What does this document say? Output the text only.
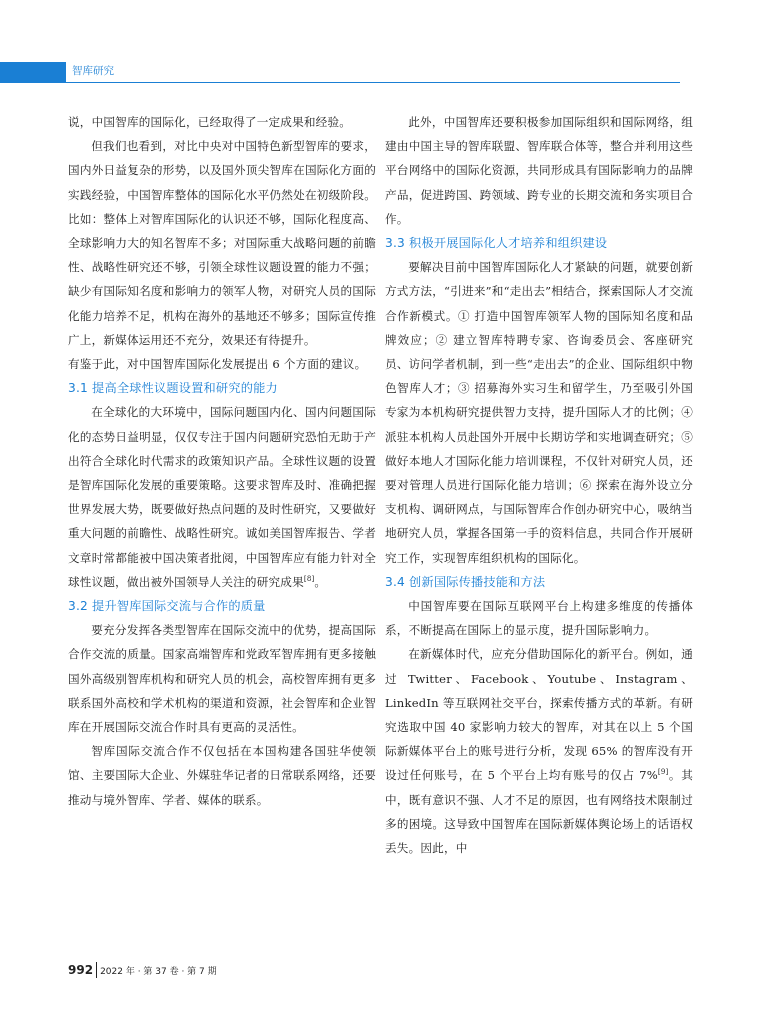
智库研究

说，中国智库的国际化，已经取得了一定成果和经验。

但我们也看到，对比中央对中国特色新型智库的要求，国内外日益复杂的形势，以及国外顶尖智库在国际化方面的实践经验，中国智库整体的国际化水平仍然处在初级阶段。比如：整体上对智库国际化的认识还不够，国际化程度高、全球影响力大的知名智库不多；对国际重大战略问题的前瞻性、战略性研究还不够，引领全球性议题设置的能力不强；缺少有国际知名度和影响力的领军人物，对研究人员的国际化能力培养不足，机构在海外的基地还不够多；国际宣传推广上，新媒体运用还不充分，效果还有待提升。

有鉴于此，对中国智库国际化发展提出 6 个方面的建议。

3.1 提高全球性议题设置和研究的能力

在全球化的大环境中，国际问题国内化、国内问题国际化的态势日益明显，仅仅专注于国内问题研究恐怕无助于产出符合全球化时代需求的政策知识产品。全球性议题的设置是智库国际化发展的重要策略。这要求智库及时、准确把握世界发展大势，既要做好热点问题的及时性研究，又要做好重大问题的前瞻性、战略性研究。诚如美国智库报告、学者文章时常都能被中国决策者批阅，中国智库应有能力针对全球性议题，做出被外国领导人关注的研究成果[8]。

3.2 提升智库国际交流与合作的质量

要充分发挥各类型智库在国际交流中的优势，提高国际合作交流的质量。国家高端智库和党政军智库拥有更多接触国外高级别智库机构和研究人员的机会，高校智库拥有更多联系国外高校和学术机构的渠道和资源，社会智库和企业智库在开展国际交流合作时具有更高的灵活性。

智库国际交流合作不仅包括在本国构建各国驻华使领馆、主要国际大企业、外媒驻华记者的日常联系网络，还要推动与境外智库、学者、媒体的联系。

此外，中国智库还要积极参加国际组织和国际网络，组建由中国主导的智库联盟、智库联合体等，整合并利用这些平台网络中的国际化资源，共同形成具有国际影响力的品牌产品，促进跨国、跨领域、跨专业的长期交流和务实项目合作。

3.3 积极开展国际化人才培养和组织建设

要解决目前中国智库国际化人才紧缺的问题，就要创新方式方法，“引进来”和“走出去”相结合，探索国际人才交流合作新模式。① 打造中国智库领军人物的国际知名度和品牌效应；② 建立智库特聘专家、咨询委员会、客座研究员、访问学者机制，到一些“走出去”的企业、国际组织中物色智库人才；③ 招募海外实习生和留学生，乃至吸引外国专家为本机构研究提供智力支持，提升国际人才的比例；④ 派驻本机构人员赴国外开展中长期访学和实地调查研究；⑤ 做好本地人才国际化能力培训课程，不仅针对研究人员，还要对管理人员进行国际化能力培训；⑥ 探索在海外设立分支机构、调研网点，与国际智库合作创办研究中心，吸纳当地研究人员，掌握各国第一手的资料信息，共同合作开展研究工作，实现智库组织机构的国际化。

3.4 创新国际传播技能和方法

中国智库要在国际互联网平台上构建多维度的传播体系，不断提高在国际上的显示度，提升国际影响力。

在新媒体时代，应充分借助国际化的新平台。例如，通过 Twitter、Facebook、Youtube、Instagram、LinkedIn 等互联网社交平台，探索传播方式的革新。有研究选取中国 40 家影响力较大的智库，对其在以上 5 个国际新媒体平台上的账号进行分析，发现 65% 的智库没有开设过任何账号，在 5 个平台上均有账号的仅占 7%[9]。其中，既有意识不强、人才不足的原因，也有网络技术限制过多的困境。这导致中国智库在国际新媒体舆论场上的话语权丢失。因此，中

992 2022 年 · 第 37 卷 · 第 7 期
